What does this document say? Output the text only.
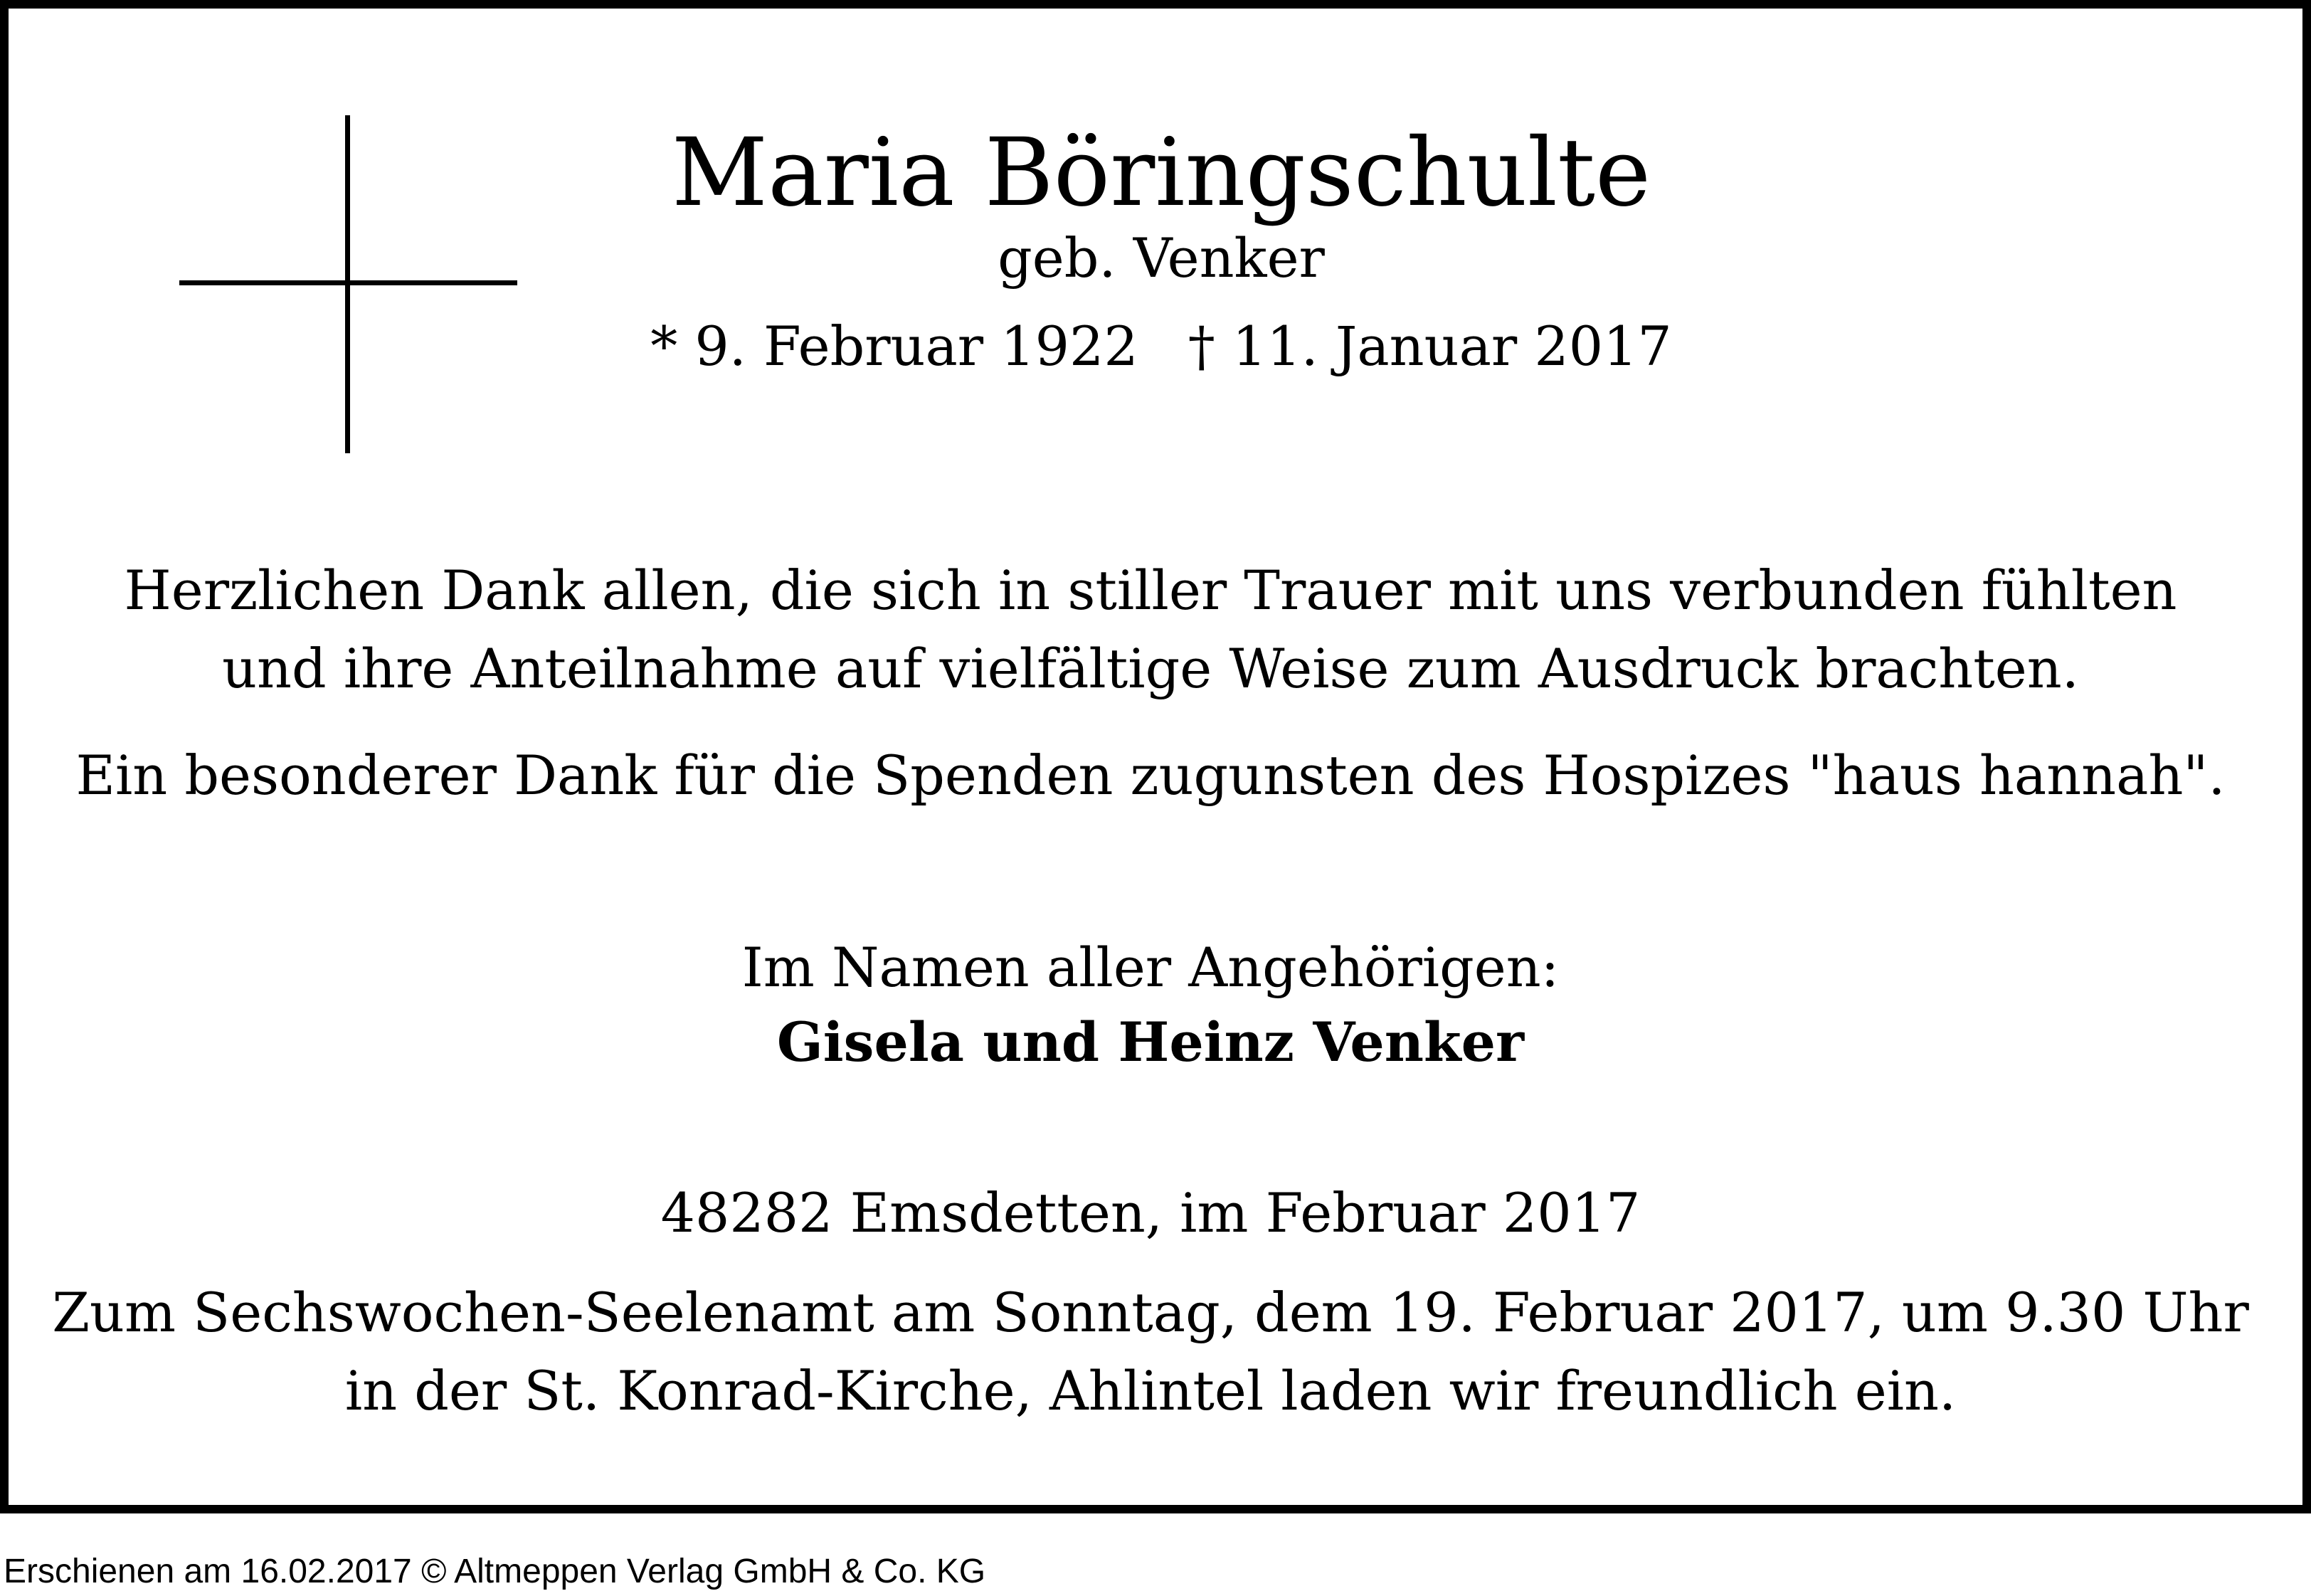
Maria Böringschulte
geb. Venker
* 9. Februar 1922 † 11. Januar 2017
Herzlichen Dank allen, die sich in stiller Trauer mit uns verbunden fühlten
und ihre Anteilnahme auf vielfältige Weise zum Ausdruck brachten.
Ein besonderer Dank für die Spenden zugunsten des Hospizes "haus hannah".
Im Namen aller Angehörigen:
Gisela und Heinz Venker
48282 Emsdetten, im Februar 2017
Zum Sechswochen-Seelenamt am Sonntag, dem 19. Februar 2017, um 9.30 Uhr
in der St. Konrad-Kirche, Ahlintel laden wir freundlich ein.
Erschienen am 16.02.2017 © Altmeppen Verlag GmbH & Co. KG
